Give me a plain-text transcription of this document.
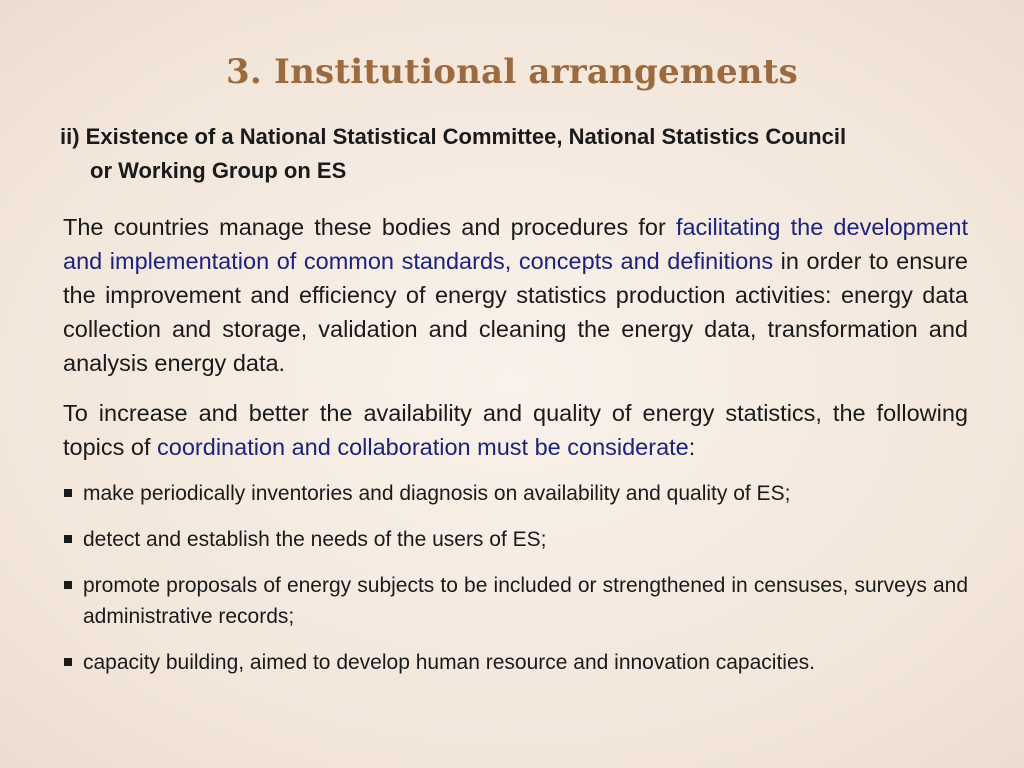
3. Institutional arrangements
ii) Existence of a National Statistical Committee, National Statistics Council
or Working Group on ES

The countries manage these bodies and procedures for facilitating the development and implementation of common standards, concepts and definitions in order to ensure the improvement and efficiency of energy statistics production activities: energy data collection and storage, validation and cleaning the energy data, transformation and analysis energy data.

To increase and better the availability and quality of energy statistics, the following topics of coordination and collaboration must be considerate:

make periodically inventories and diagnosis on availability and quality of ES;
detect and establish the needs of the users of ES;
promote proposals of energy subjects to be included or strengthened in censuses, surveys and administrative records;
capacity building, aimed to develop human resource and innovation capacities.
